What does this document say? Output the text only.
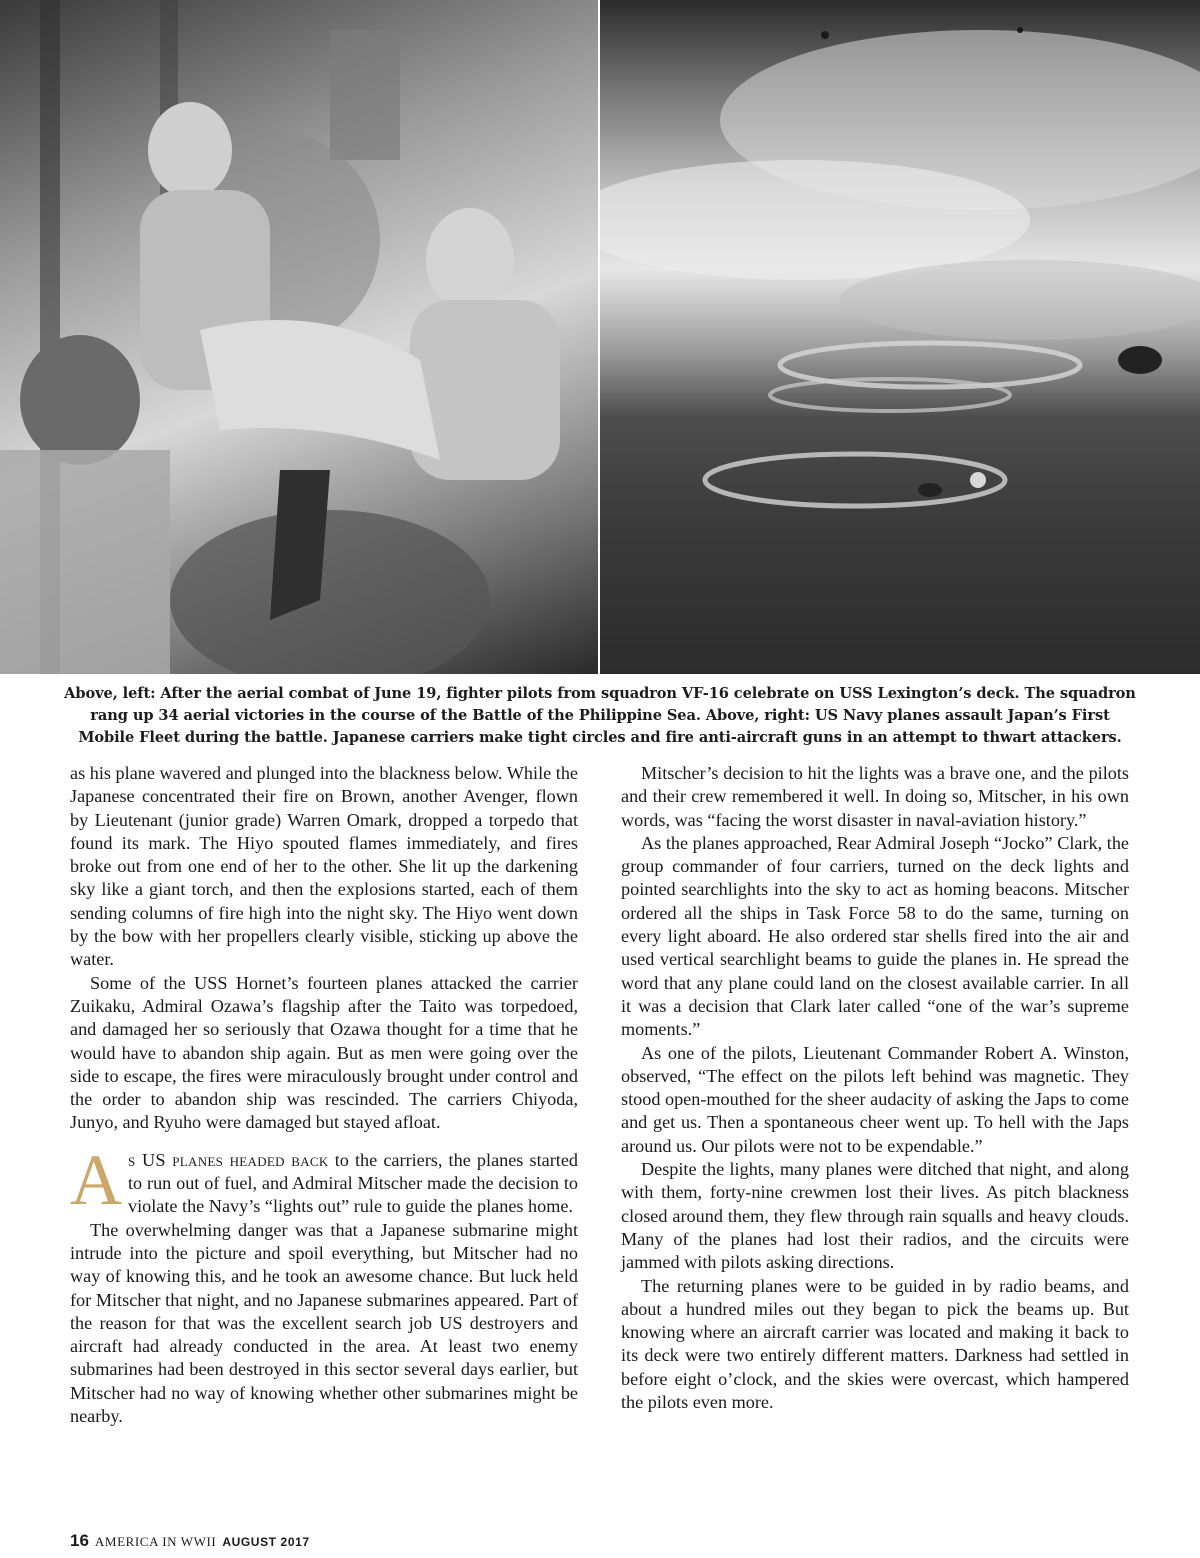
Above, left: After the aerial combat of June 19, fighter pilots from squadron VF-16 celebrate on USS Lexington’s deck. The squadron rang up 34 aerial victories in the course of the Battle of the Philippine Sea. Above, right: US Navy planes assault Japan’s First Mobile Fleet during the battle. Japanese carriers make tight circles and fire anti-aircraft guns in an attempt to thwart attackers.

as his plane wavered and plunged into the blackness below. While the Japanese concentrated their fire on Brown, another Avenger, flown by Lieutenant (junior grade) Warren Omark, dropped a torpedo that found its mark. The Hiyo spouted flames immediately, and fires broke out from one end of her to the other. She lit up the darkening sky like a giant torch, and then the explosions started, each of them sending columns of fire high into the night sky. The Hiyo went down by the bow with her propellers clearly visible, sticking up above the water.

Some of the USS Hornet’s fourteen planes attacked the carrier Zuikaku, Admiral Ozawa’s flagship after the Taito was torpedoed, and damaged her so seriously that Ozawa thought for a time that he would have to abandon ship again. But as men were going over the side to escape, the fires were miraculously brought under control and the order to abandon ship was rescinded. The carriers Chiyoda, Junyo, and Ryuho were damaged but stayed afloat.

As US planes headed back to the carriers, the planes started to run out of fuel, and Admiral Mitscher made the decision to violate the Navy’s “lights out” rule to guide the planes home.

The overwhelming danger was that a Japanese submarine might intrude into the picture and spoil everything, but Mitscher had no way of knowing this, and he took an awesome chance. But luck held for Mitscher that night, and no Japanese submarines appeared. Part of the reason for that was the excellent search job US destroyers and aircraft had already conducted in the area. At least two enemy submarines had been destroyed in this sector several days earlier, but Mitscher had no way of knowing whether other submarines might be nearby.

Mitscher’s decision to hit the lights was a brave one, and the pilots and their crew remembered it well. In doing so, Mitscher, in his own words, was “facing the worst disaster in naval-aviation history.”

As the planes approached, Rear Admiral Joseph “Jocko” Clark, the group commander of four carriers, turned on the deck lights and pointed searchlights into the sky to act as homing beacons. Mitscher ordered all the ships in Task Force 58 to do the same, turning on every light aboard. He also ordered star shells fired into the air and used vertical searchlight beams to guide the planes in. He spread the word that any plane could land on the closest available carrier. In all it was a decision that Clark later called “one of the war’s supreme moments.”

As one of the pilots, Lieutenant Commander Robert A. Winston, observed, “The effect on the pilots left behind was magnetic. They stood open-mouthed for the sheer audacity of asking the Japs to come and get us. Then a spontaneous cheer went up. To hell with the Japs around us. Our pilots were not to be expendable.”

Despite the lights, many planes were ditched that night, and along with them, forty-nine crewmen lost their lives. As pitch blackness closed around them, they flew through rain squalls and heavy clouds. Many of the planes had lost their radios, and the circuits were jammed with pilots asking directions.

The returning planes were to be guided in by radio beams, and about a hundred miles out they began to pick the beams up. But knowing where an aircraft carrier was located and making it back to its deck were two entirely different matters. Darkness had settled in before eight o’clock, and the skies were overcast, which hampered the pilots even more.

16 AMERICA IN WWII AUGUST 2017
